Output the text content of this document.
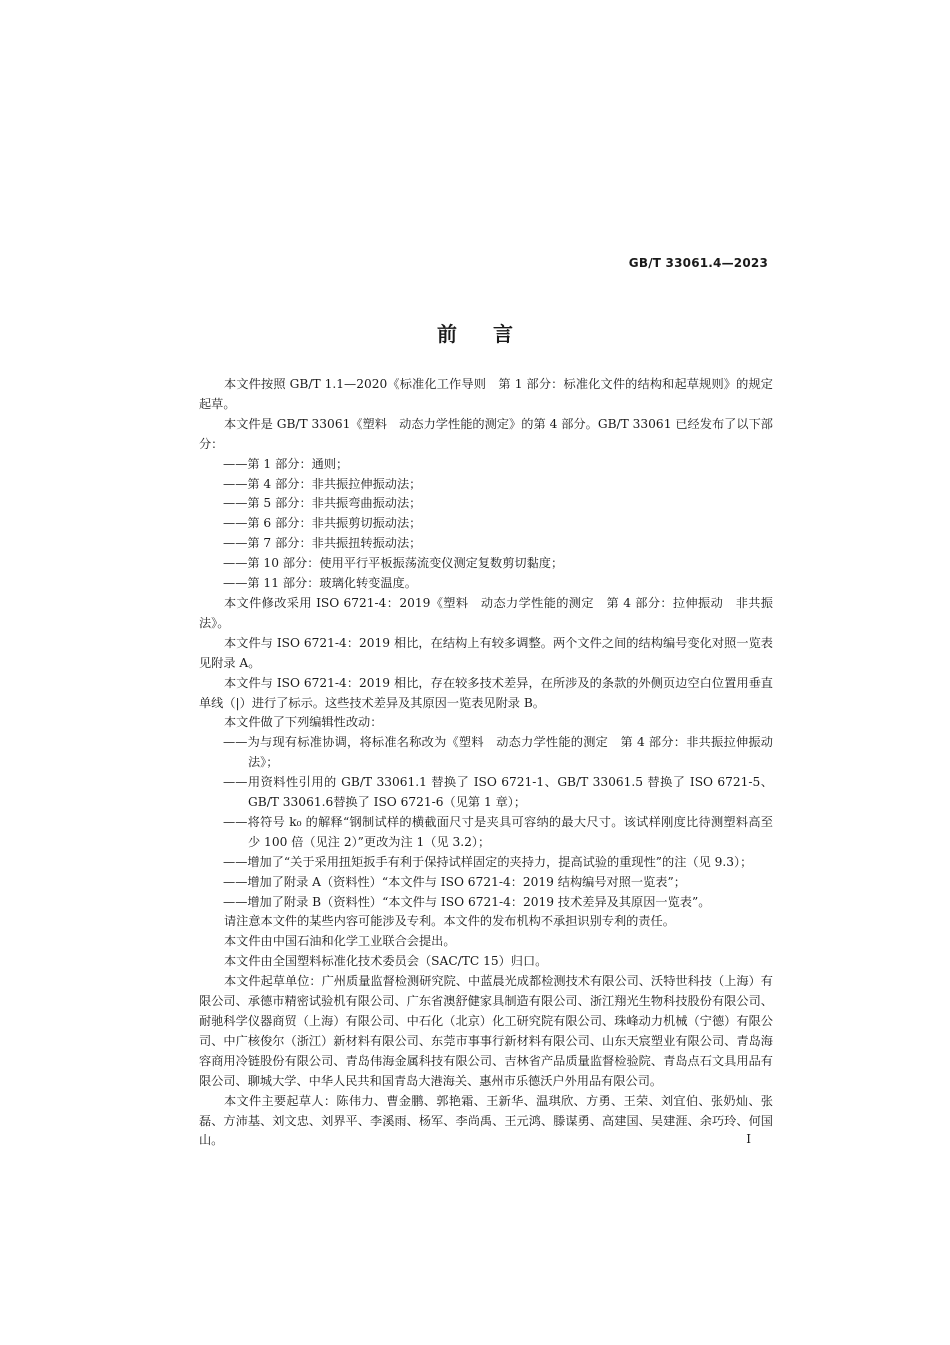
GB/T 33061.4—2023
前言

本文件按照 GB/T 1.1—2020《标准化工作导则　第 1 部分：标准化文件的结构和起草规则》的规定起草。

本文件是 GB/T 33061《塑料　动态力学性能的测定》的第 4 部分。GB/T 33061 已经发布了以下部分：

——第 1 部分：通则；

——第 4 部分：非共振拉伸振动法；

——第 5 部分：非共振弯曲振动法；

——第 6 部分：非共振剪切振动法；

——第 7 部分：非共振扭转振动法；

——第 10 部分：使用平行平板振荡流变仪测定复数剪切黏度；

——第 11 部分：玻璃化转变温度。

本文件修改采用 ISO 6721-4：2019《塑料　动态力学性能的测定　第 4 部分：拉伸振动　非共振法》。

本文件与 ISO 6721-4：2019 相比，在结构上有较多调整。两个文件之间的结构编号变化对照一览表见附录 A。

本文件与 ISO 6721-4：2019 相比，存在较多技术差异，在所涉及的条款的外侧页边空白位置用垂直单线（|）进行了标示。这些技术差异及其原因一览表见附录 B。

本文件做了下列编辑性改动：

——为与现有标准协调，将标准名称改为《塑料　动态力学性能的测定　第 4 部分：非共振拉伸振动法》；

——用资料性引用的 GB/T 33061.1 替换了 ISO 6721-1、GB/T 33061.5 替换了 ISO 6721-5、GB/T 33061.6替换了 ISO 6721-6（见第 1 章）；

——将符号 k₀ 的解释“钢制试样的横截面尺寸是夹具可容纳的最大尺寸。该试样刚度比待测塑料高至少 100 倍（见注 2）”更改为注 1（见 3.2）；

——增加了“关于采用扭矩扳手有利于保持试样固定的夹持力，提高试验的重现性”的注（见 9.3）；

——增加了附录 A（资料性）“本文件与 ISO 6721-4：2019 结构编号对照一览表”；

——增加了附录 B（资料性）“本文件与 ISO 6721-4：2019 技术差异及其原因一览表”。

请注意本文件的某些内容可能涉及专利。本文件的发布机构不承担识别专利的责任。

本文件由中国石油和化学工业联合会提出。

本文件由全国塑料标准化技术委员会（SAC/TC 15）归口。

本文件起草单位：广州质量监督检测研究院、中蓝晨光成都检测技术有限公司、沃特世科技（上海）有限公司、承德市精密试验机有限公司、广东省澳舒健家具制造有限公司、浙江翔光生物科技股份有限公司、耐驰科学仪器商贸（上海）有限公司、中石化（北京）化工研究院有限公司、珠峰动力机械（宁德）有限公司、中广核俊尔（浙江）新材料有限公司、东莞市事事行新材料有限公司、山东天宸塑业有限公司、青岛海容商用冷链股份有限公司、青岛伟海金属科技有限公司、吉林省产品质量监督检验院、青岛点石文具用品有限公司、聊城大学、中华人民共和国青岛大港海关、惠州市乐德沃户外用品有限公司。

本文件主要起草人：陈伟力、曹金鹏、郭艳霜、王新华、温琪欣、方勇、王荣、刘宜伯、张奶灿、张磊、方沛基、刘文忠、刘界平、李溪雨、杨军、李尚禹、王元鸿、滕谋勇、高建国、吴建涯、余巧玲、何国山。	I
